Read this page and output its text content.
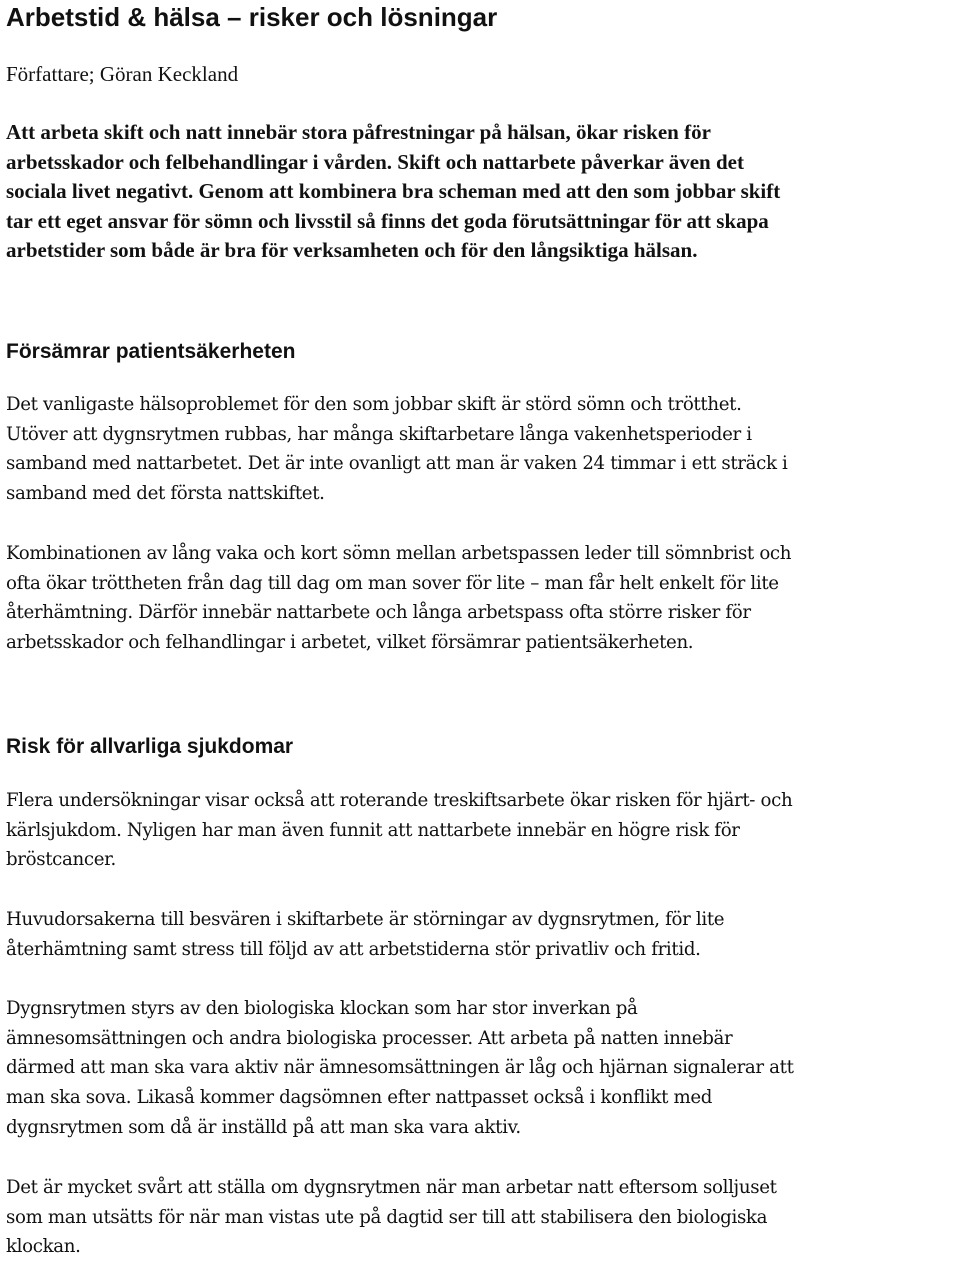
Arbetstid & hälsa – risker och lösningar
Författare; Göran Keckland

Att arbeta skift och natt innebär stora påfrestningar på hälsan, ökar risken för
arbetsskador och felbehandlingar i vården. Skift och nattarbete påverkar även det
sociala livet negativt. Genom att kombinera bra scheman med att den som jobbar skift
tar ett eget ansvar för sömn och livsstil så finns det goda förutsättningar för att skapa
arbetstider som både är bra för verksamheten och för den långsiktiga hälsan.

Försämrar patientsäkerheten

Det vanligaste hälsoproblemet för den som jobbar skift är störd sömn och trötthet.
Utöver att dygnsrytmen rubbas, har många skiftarbetare långa vakenhetsperioder i
samband med nattarbetet. Det är inte ovanligt att man är vaken 24 timmar i ett sträck i
samband med det första nattskiftet.

Kombinationen av lång vaka och kort sömn mellan arbetspassen leder till sömnbrist och
ofta ökar tröttheten från dag till dag om man sover för lite – man får helt enkelt för lite
återhämtning. Därför innebär nattarbete och långa arbetspass ofta större risker för
arbetsskador och felhandlingar i arbetet, vilket försämrar patientsäkerheten.

Risk för allvarliga sjukdomar

Flera undersökningar visar också att roterande treskiftsarbete ökar risken för hjärt- och
kärlsjukdom. Nyligen har man även funnit att nattarbete innebär en högre risk för
bröstcancer.

Huvudorsakerna till besvären i skiftarbete är störningar av dygnsrytmen, för lite
återhämtning samt stress till följd av att arbetstiderna stör privatliv och fritid.

Dygnsrytmen styrs av den biologiska klockan som har stor inverkan på
ämnesomsättningen och andra biologiska processer. Att arbeta på natten innebär
därmed att man ska vara aktiv när ämnesomsättningen är låg och hjärnan signalerar att
man ska sova. Likaså kommer dagsömnen efter nattpasset också i konflikt med
dygnsrytmen som då är inställd på att man ska vara aktiv.

Det är mycket svårt att ställa om dygnsrytmen när man arbetar natt eftersom solljuset
som man utsätts för när man vistas ute på dagtid ser till att stabilisera den biologiska
klockan.
